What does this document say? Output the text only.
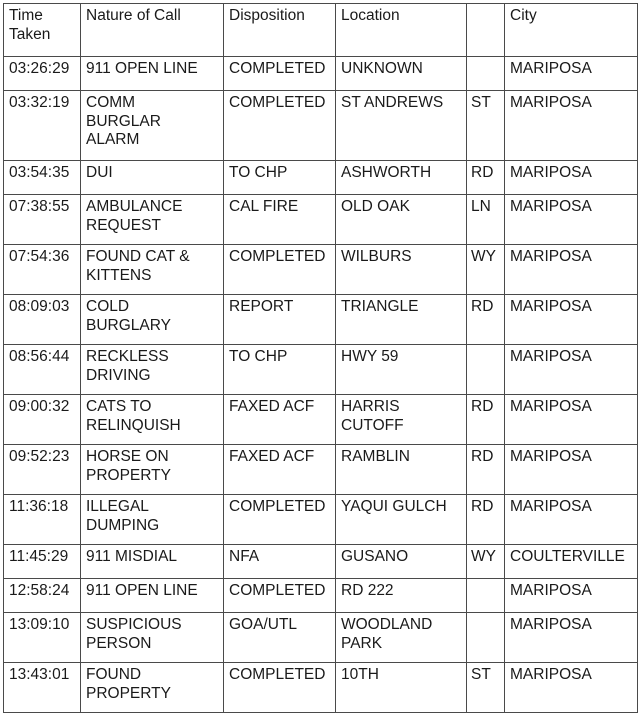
Time
Taken	Nature of Call	Disposition	Location		City
03:26:29	911 OPEN LINE	COMPLETED	UNKNOWN		MARIPOSA
03:32:19	COMM
BURGLAR
ALARM	COMPLETED	ST ANDREWS	ST	MARIPOSA
03:54:35	DUI	TO CHP	ASHWORTH	RD	MARIPOSA
07:38:55	AMBULANCE
REQUEST	CAL FIRE	OLD OAK	LN	MARIPOSA
07:54:36	FOUND CAT &
KITTENS	COMPLETED	WILBURS	WY	MARIPOSA
08:09:03	COLD
BURGLARY	REPORT	TRIANGLE	RD	MARIPOSA
08:56:44	RECKLESS
DRIVING	TO CHP	HWY 59		MARIPOSA
09:00:32	CATS TO
RELINQUISH	FAXED ACF	HARRIS
CUTOFF	RD	MARIPOSA
09:52:23	HORSE ON
PROPERTY	FAXED ACF	RAMBLIN	RD	MARIPOSA
11:36:18	ILLEGAL
DUMPING	COMPLETED	YAQUI GULCH	RD	MARIPOSA
11:45:29	911 MISDIAL	NFA	GUSANO	WY	COULTERVILLE
12:58:24	911 OPEN LINE	COMPLETED	RD 222		MARIPOSA
13:09:10	SUSPICIOUS
PERSON	GOA/UTL	WOODLAND
PARK		MARIPOSA
13:43:01	FOUND
PROPERTY	COMPLETED	10TH	ST	MARIPOSA
